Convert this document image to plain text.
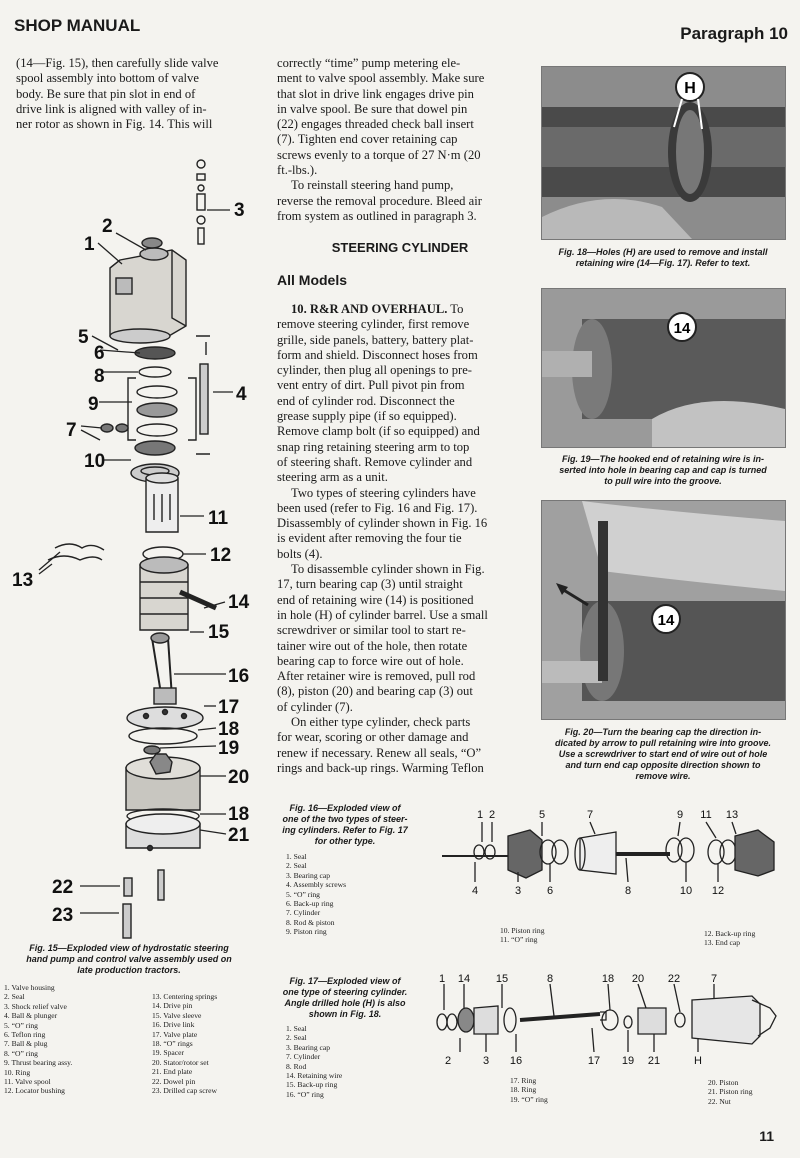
SHOP MANUAL	Paragraph 10
(14—Fig. 15), then carefully slide valve
spool assembly into bottom of valve
body. Be sure that pin slot in end of
drive link is aligned with valley of in-
ner rotor as shown in Fig. 14. This will
2
1
3
5
6
8
4
9
7
10
11
12
13
14
15
16
17
18
19
20
18
21
22
23
Fig. 15—Exploded view of hydrostatic steering
hand pump and control valve assembly used on
late production tractors.
1. Valve housing
2. Seal
3. Shock relief valve
4. Ball & plunger
5. “O” ring
6. Teflon ring
7. Ball & plug
8. “O” ring
9. Thrust bearing assy.
10. Ring
11. Valve spool
12. Locator bushing
13. Centering springs
14. Drive pin
15. Valve sleeve
16. Drive link
17. Valve plate
18. “O” rings
19. Spacer
20. Stator/rotor set
21. End plate
22. Dowel pin
23. Drilled cap screw
correctly “time” pump metering ele-
ment to valve spool assembly. Make sure
that slot in drive link engages drive pin
in valve spool. Be sure that dowel pin
(22) engages threaded check ball insert
(7). Tighten end cover retaining cap
screws evenly to a torque of 27 N·m (20
ft.-lbs.).
To reinstall steering hand pump,
reverse the removal procedure. Bleed air
from system as outlined in paragraph 3.
STEERING CYLINDER
All Models
10. R&R AND OVERHAUL. To
remove steering cylinder, first remove
grille, side panels, battery, battery plat-
form and shield. Disconnect hoses from
cylinder, then plug all openings to pre-
vent entry of dirt. Pull pivot pin from
end of cylinder rod. Disconnect the
grease supply pipe (if so equipped).
Remove clamp bolt (if so equipped) and
snap ring retaining steering arm to top
of steering shaft. Remove cylinder and
steering arm as a unit.
Two types of steering cylinders have
been used (refer to Fig. 16 and Fig. 17).
Disassembly of cylinder shown in Fig. 16
is evident after removing the four tie
bolts (4).
To disassemble cylinder shown in Fig.
17, turn bearing cap (3) until straight
end of retaining wire (14) is positioned
in hole (H) of cylinder barrel. Use a small
screwdriver or similar tool to start re-
tainer wire out of the hole, then rotate
bearing cap to force wire out of hole.
After retainer wire is removed, pull rod
(8), piston (20) and bearing cap (3) out
of cylinder (7).
On either type cylinder, check parts
for wear, scoring or other damage and
renew if necessary. Renew all seals, “O”
rings and back-up rings. Warming Teflon
H
Fig. 18—Holes (H) are used to remove and install
retaining wire (14—Fig. 17). Refer to text.
14
Fig. 19—The hooked end of retaining wire is in-
serted into hole in bearing cap and cap is turned
to pull wire into the groove.
14
Fig. 20—Turn the bearing cap the direction in-
dicated by arrow to pull retaining wire into groove.
Use a screwdriver to start end of wire out of hole
and turn end cap opposite direction shown to
remove wire.
Fig. 16—Exploded view of
one of the two types of steer-
ing cylinders. Refer to Fig. 17
for other type.
1. Seal
2. Seal
3. Bearing cap
4. Assembly screws
5. “O” ring
6. Back-up ring
7. Cylinder
8. Rod & piston
9. Piston ring	10. Piston ring
11. “O” ring
12. Back-up ring
13. End cap
1 2	5	7	9 11 13
4	3 6	8	10 12
Fig. 17—Exploded view of
one type of steering cylinder.
Angle drilled hole (H) is also
shown in Fig. 18.
1. Seal
2. Seal
3. Bearing cap
7. Cylinder
8. Rod
14. Retaining wire
15. Back-up ring
16. “O” ring
17. Ring
18. Ring
19. “O” ring
20. Piston
21. Piston ring
22. Nut
1 14 15	8	18 20 22	7
2	3 16	17 19 21	H
11
